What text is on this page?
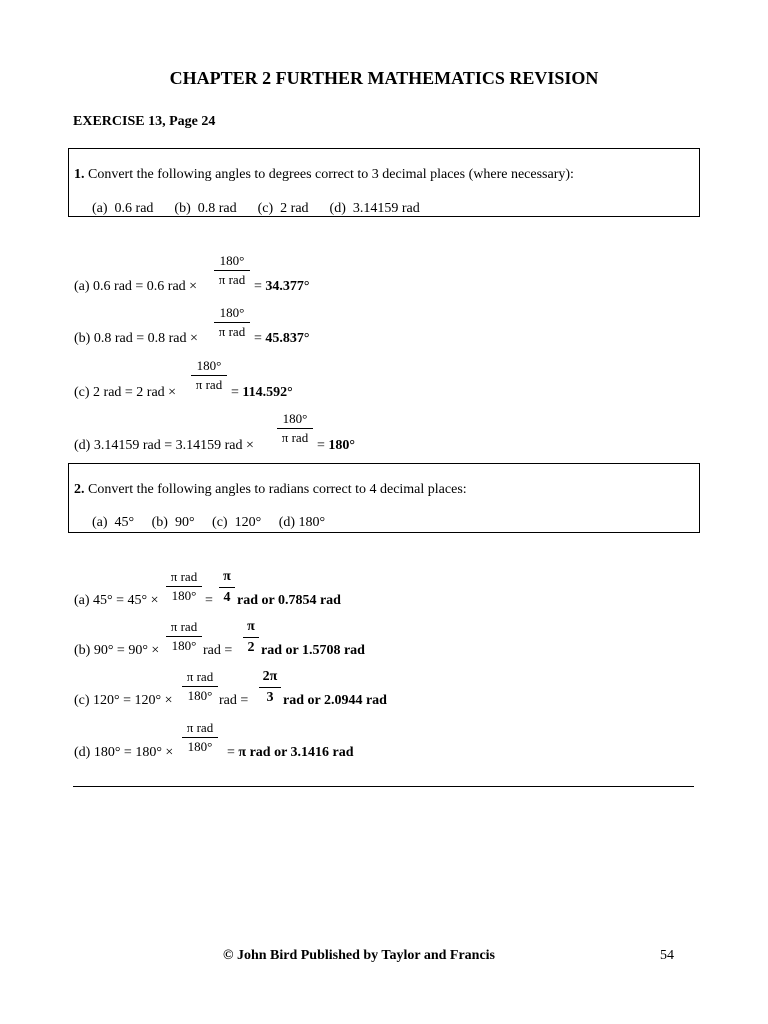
CHAPTER 2 FURTHER MATHEMATICS REVISION
EXERCISE 13, Page 24
1. Convert the following angles to degrees correct to 3 decimal places (where necessary):
(a)  0.6 rad      (b)  0.8 rad      (c)  2 rad      (d)  3.14159 rad
(a) 0.6 rad = 0.6 rad ×
180°
π rad = 34.377°
(b) 0.8 rad = 0.8 rad ×
180°
π rad = 45.837°
(c) 2 rad = 2 rad ×
180°
π rad
= 114.592°
(d) 3.14159 rad = 3.14159 rad ×
180°
π rad
= 180°
2. Convert the following angles to radians correct to 4 decimal places:
(a)  45°     (b)  90°     (c)  120°     (d) 180°
(a) 45° = 45° ×
π rad
$180^\circ = \frac{\pi}{4}$ rad or 0.7854 rad
(b) 90° = 90° ×
π rad
180° rad = $\frac{\pi}{2}$ rad or 1.5708 rad
(c) 120° = 120° ×
π rad
180° rad = $\frac{2\pi}{3}$ rad or 2.0944 rad
(d) 180° = 180° ×
π rad
180°	= π rad or 3.1416 rad
© John Bird Published by Taylor and Francis	54
